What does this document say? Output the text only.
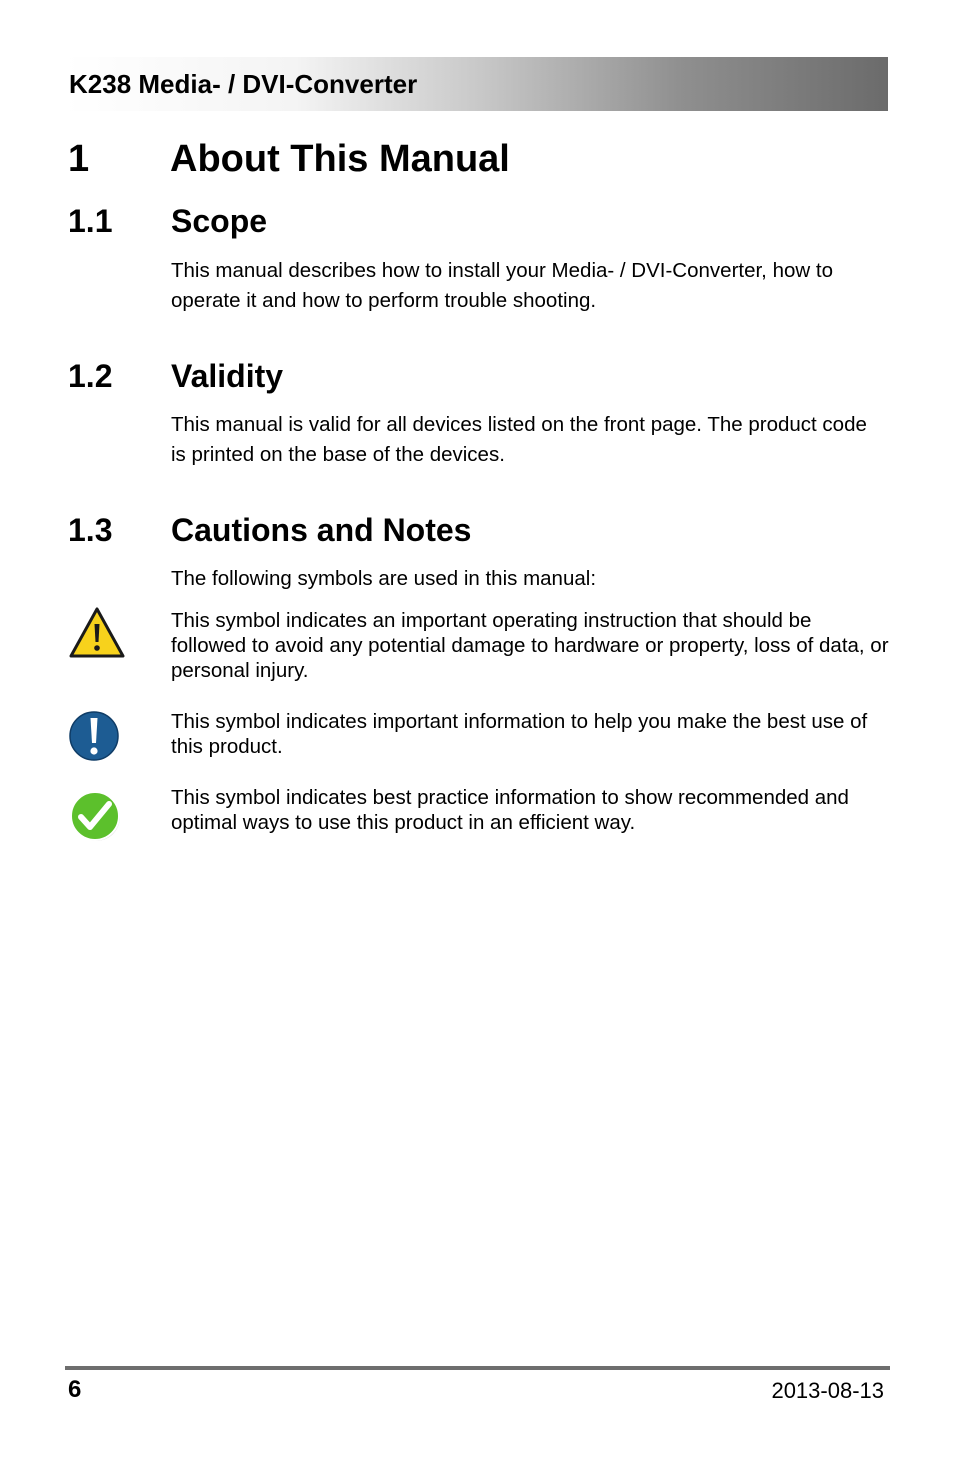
K238 Media- / DVI-Converter
1 About This Manual
1.1 Scope
This manual describes how to install your Media- / DVI-Converter, how to operate it and how to perform trouble shooting.
1.2 Validity
This manual is valid for all devices listed on the front page. The product code is printed on the base of the devices.
1.3 Cautions and Notes
The following symbols are used in this manual:
This symbol indicates an important operating instruction that should be followed to avoid any potential damage to hardware or property, loss of data, or personal injury.
This symbol indicates important information to help you make the best use of this product.
This symbol indicates best practice information to show recommended and optimal ways to use this product in an efficient way.
6	2013-08-13
